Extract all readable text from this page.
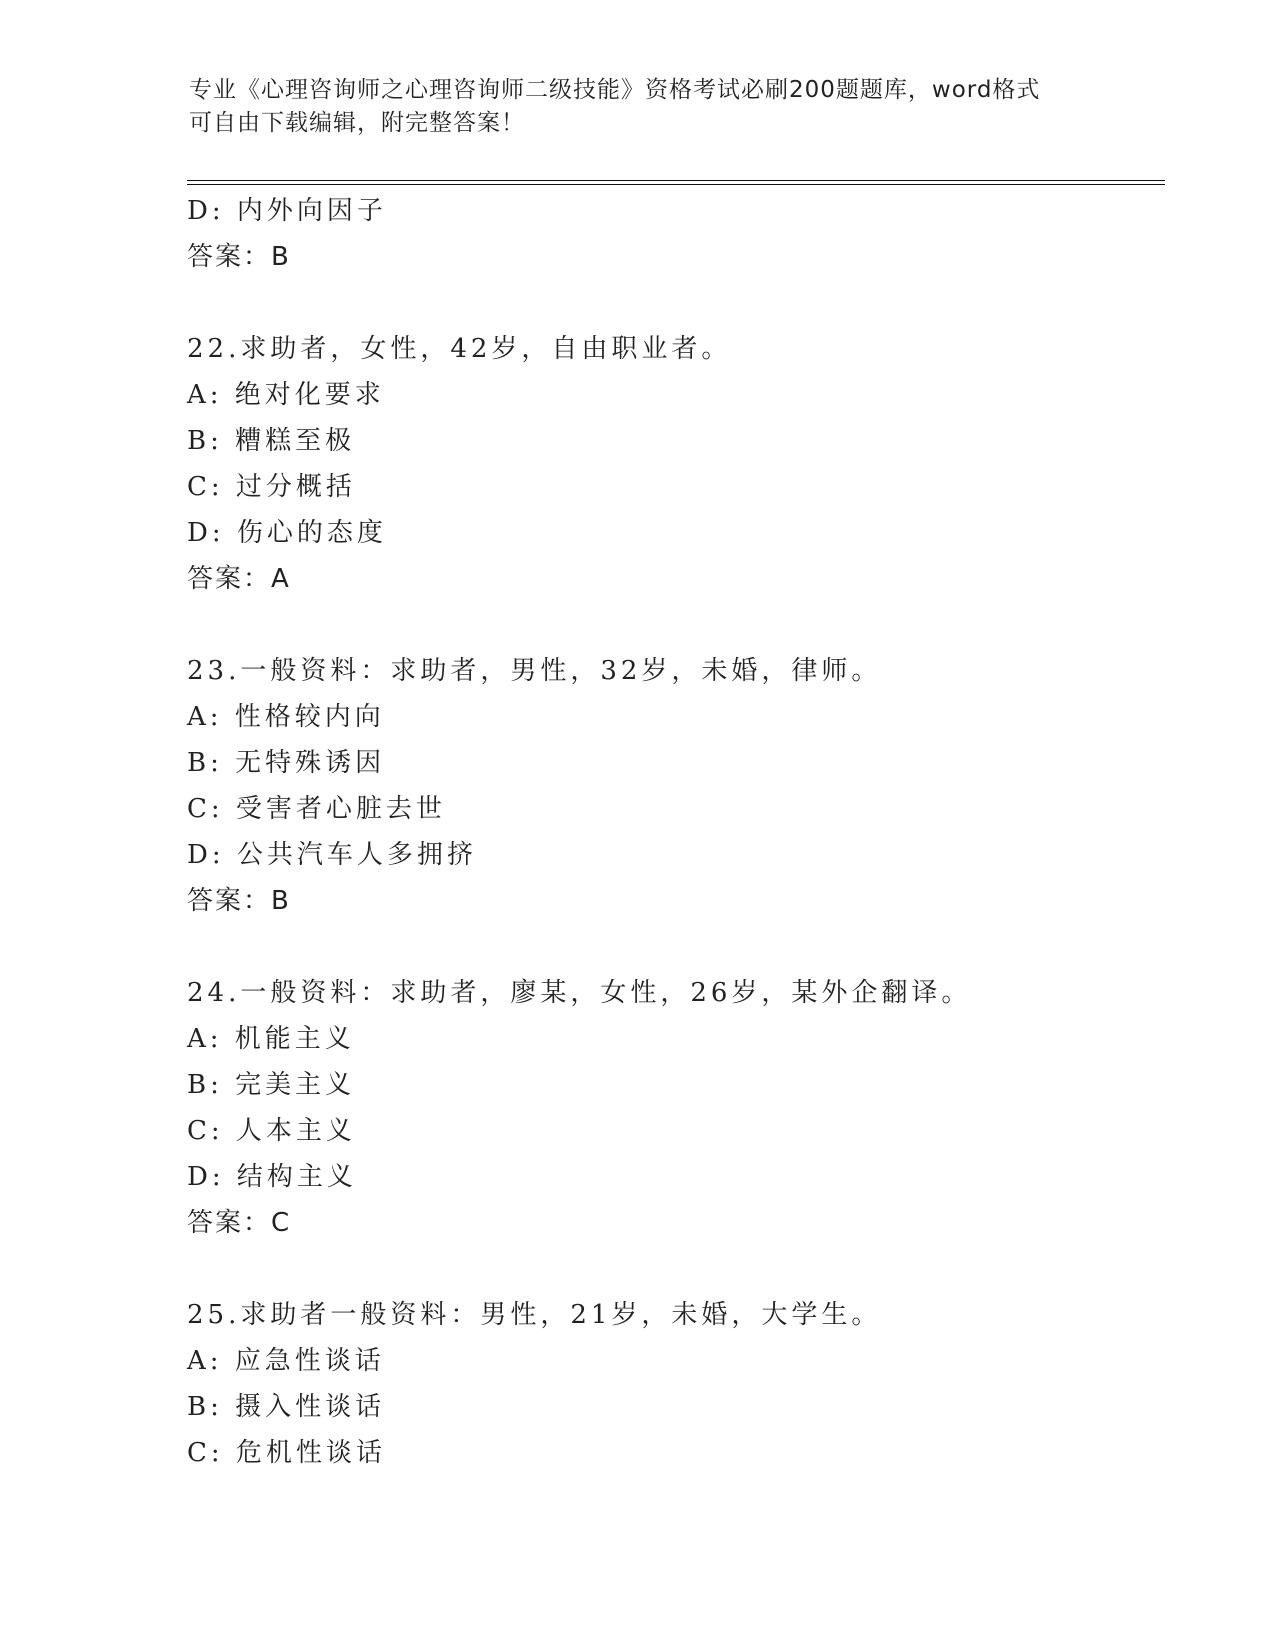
专业《心理咨询师之心理咨询师二级技能》资格考试必刷200题题库，word格式
可自由下载编辑，附完整答案！
D: 内外向因子
答案：B
22.求助者，女性，42岁，自由职业者。
A: 绝对化要求
B: 糟糕至极
C: 过分概括
D: 伤心的态度
答案：A
23.一般资料：求助者，男性，32岁，未婚，律师。
A: 性格较内向
B: 无特殊诱因
C: 受害者心脏去世
D: 公共汽车人多拥挤
答案：B
24.一般资料：求助者，廖某，女性，26岁，某外企翻译。
A: 机能主义
B: 完美主义
C: 人本主义
D: 结构主义
答案：C
25.求助者一般资料：男性，21岁，未婚，大学生。
A: 应急性谈话
B: 摄入性谈话
C: 危机性谈话
